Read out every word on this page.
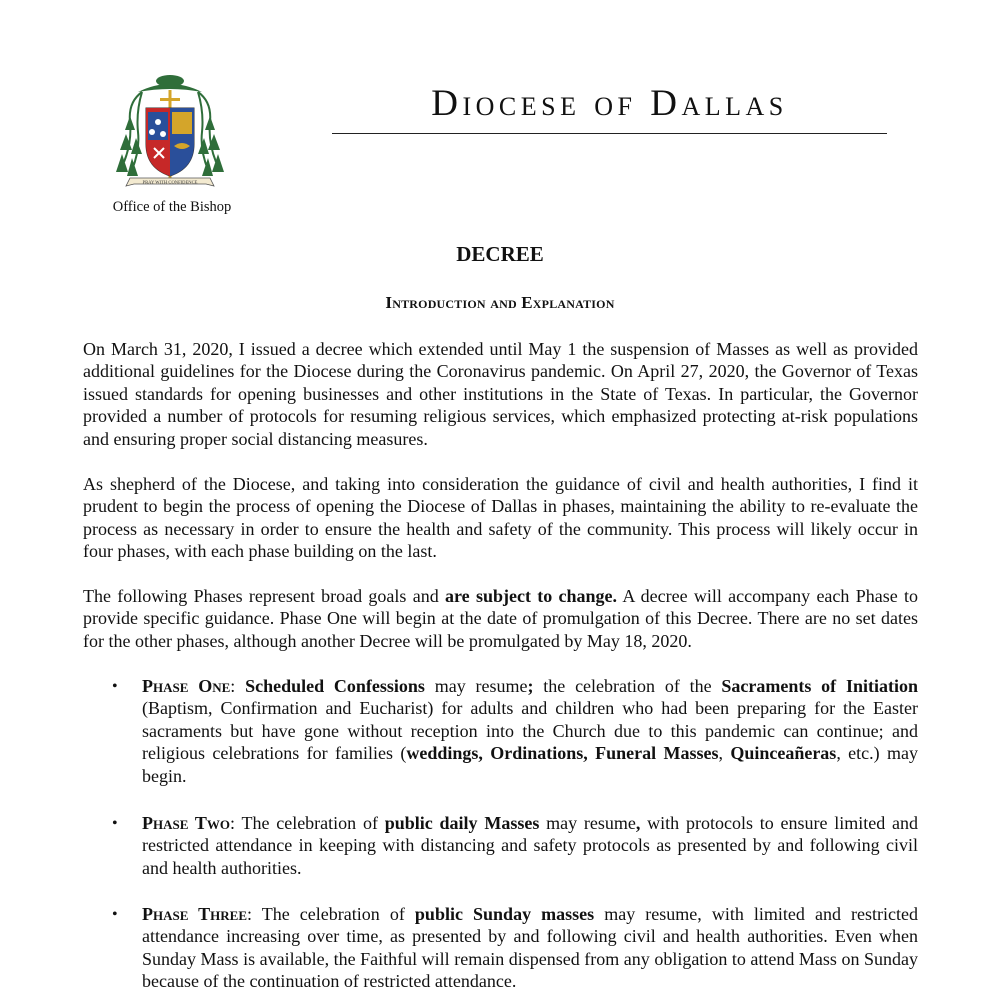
PRAY WITH CONFIDENCE
Office of the Bishop
Diocese of Dallas
DECREE
Introduction and Explanation
On March 31, 2020, I issued a decree which extended until May 1 the suspension of Masses as well as provided additional guidelines for the Diocese during the Coronavirus pandemic. On April 27, 2020, the Governor of Texas issued standards for opening businesses and other institutions in the State of Texas. In particular, the Governor provided a number of protocols for resuming religious services, which emphasized protecting at-risk populations and ensuring proper social distancing measures.
As shepherd of the Diocese, and taking into consideration the guidance of civil and health authorities, I find it prudent to begin the process of opening the Diocese of Dallas in phases, maintaining the ability to re-evaluate the process as necessary in order to ensure the health and safety of the community. This process will likely occur in four phases, with each phase building on the last.
The following Phases represent broad goals and are subject to change. A decree will accompany each Phase to provide specific guidance. Phase One will begin at the date of promulgation of this Decree. There are no set dates for the other phases, although another Decree will be promulgated by May 18, 2020.
• Phase One: Scheduled Confessions may resume; the celebration of the Sacraments of Initiation (Baptism, Confirmation and Eucharist) for adults and children who had been preparing for the Easter sacraments but have gone without reception into the Church due to this pandemic can continue; and religious celebrations for families (weddings, Ordinations, Funeral Masses, Quinceañeras, etc.) may begin.
• Phase Two: The celebration of public daily Masses may resume, with protocols to ensure limited and restricted attendance in keeping with distancing and safety protocols as presented by and following civil and health authorities.
• Phase Three: The celebration of public Sunday masses may resume, with limited and restricted attendance increasing over time, as presented by and following civil and health authorities. Even when Sunday Mass is available, the Faithful will remain dispensed from any obligation to attend Mass on Sunday because of the continuation of restricted attendance.
